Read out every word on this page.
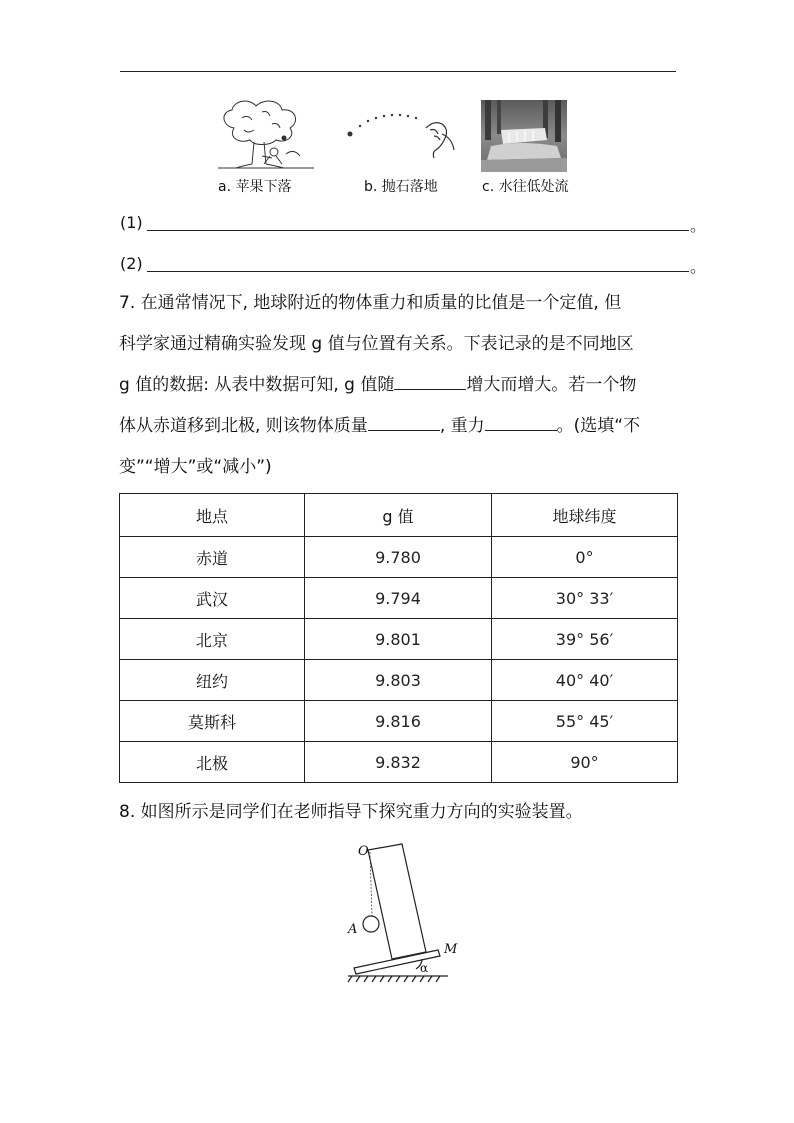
a. 苹果下落	b. 抛石落地	c. 水往低处流
(1)	。
(2)	。
7. 在通常情况下, 地球附近的物体重力和质量的比值是一个定值, 但
科学家通过精确实验发现 g 值与位置有关系。下表记录的是不同地区
g 值的数据: 从表中数据可知, g 值随	增大而增大。若一个物
体从赤道移到北极, 则该物体质量	, 重力	。(选填“不
变”“增大”或“减小”)
地点	g 值	地球纬度
赤道	9.780	0°
武汉	9.794	30° 33′
北京	9.801	39° 56′
纽约	9.803	40° 40′
莫斯科	9.816	55° 45′
北极	9.832	90°
8. 如图所示是同学们在老师指导下探究重力方向的实验装置。
O
A
M
α
